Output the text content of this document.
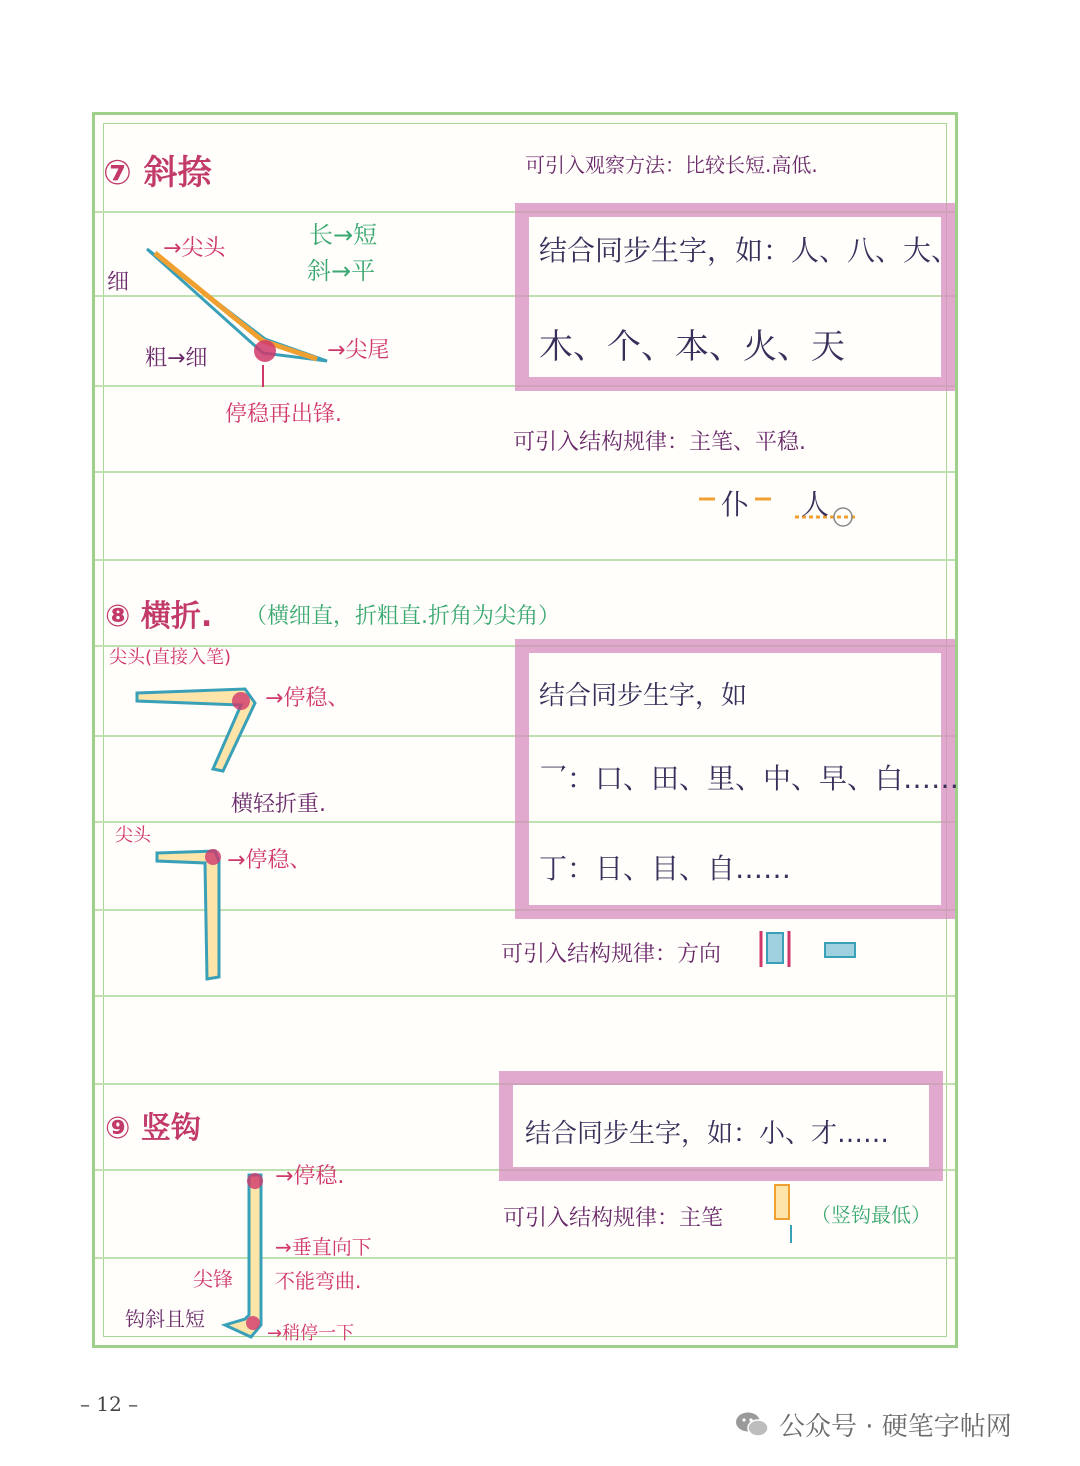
⑦ 斜捺	可引入观察方法：比较长短.高低.
→尖头
细
粗→细	→尖尾
停稳再出锋.
长→短
斜→平
结合同步生字，如：人、八、大、
木、个、本、火、天
可引入结构规律：主笔、平稳.
仆 人
⑧ 横折. （横细直，折粗直.折角为尖角）
尖头(直接入笔)
→停稳、
横轻折重.
尖头
→停稳、
结合同步生字，如
乛：口、田、里、中、早、白……
丁：日、目、自……
可引入结构规律：方向
⑨ 竖钩	结合同步生字，如：小、才……
可引入结构规律：主笔	（竖钩最低）
→停稳.
→垂直向下
不能弯曲.
尖锋
钩斜且短
→稍停一下
– 12 –
公众号 · 硬笔字帖网
